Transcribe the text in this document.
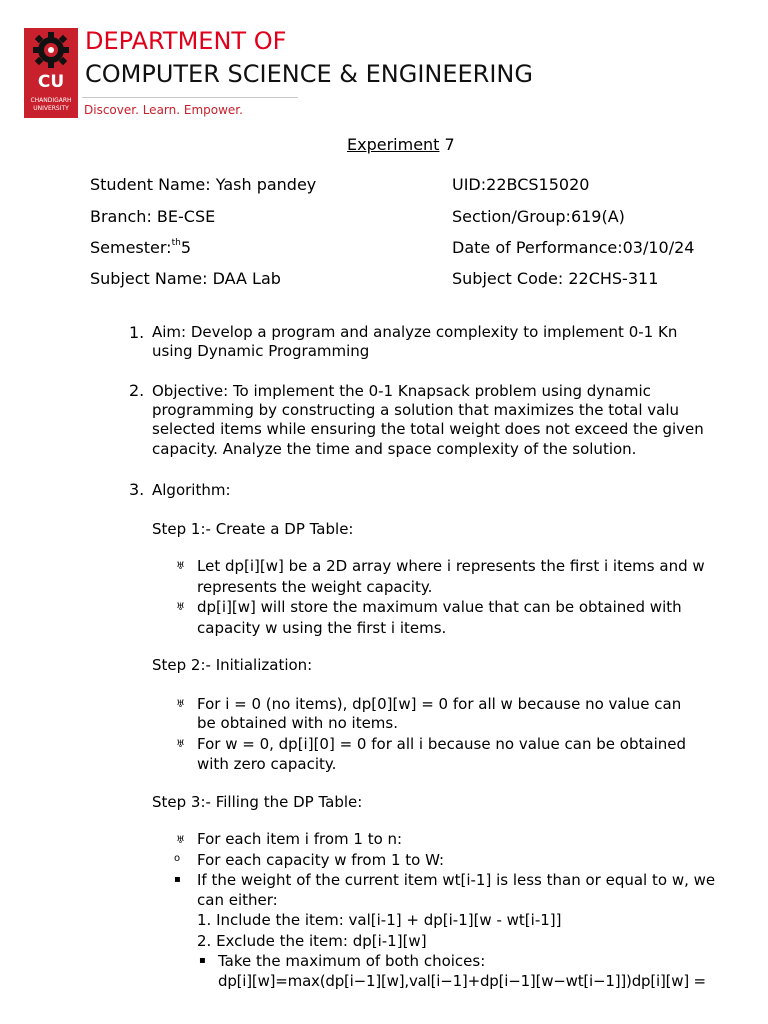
CU
CHANDIGARH
UNIVERSITY
DEPARTMENT OF
COMPUTER SCIENCE & ENGINEERING
Discover. Learn. Empower.
Experiment 7
Student Name: Yash pandey	UID:22BCS15020
Branch: BE-CSE	Section/Group:619(A)
Semester:$^{th}$5	Date of Performance:03/10/24
Subject Name: DAA Lab	Subject Code: 22CHS-311
1. Aim: Develop a program and analyze complexity to implement 0-1 Kn
using Dynamic Programming
2. Objective: To implement the 0-1 Knapsack problem using dynamic
programming by constructing a solution that maximizes the total valu
selected items while ensuring the total weight does not exceed the given
capacity. Analyze the time and space complexity of the solution.
3. Algorithm:
Step 1:- Create a DP Table:
♅ Let dp[i][w] be a 2D array where i represents the first i items and w
represents the weight capacity.
♅ dp[i][w] will store the maximum value that can be obtained with
capacity w using the first i items.
Step 2:- Initialization:
♅ For i = 0 (no items), dp[0][w] = 0 for all w because no value can
be obtained with no items.
♅ For w = 0, dp[i][0] = 0 for all i because no value can be obtained
with zero capacity.
Step 3:- Filling the DP Table:
♅ For each item i from 1 to n:
o For each capacity w from 1 to W:
▪ If the weight of the current item wt[i-1] is less than or equal to w, we
can either:
1. Include the item: val[i-1] + dp[i-1][w - wt[i-1]]
2. Exclude the item: dp[i-1][w]
▪ Take the maximum of both choices:
dp[i][w]=max(dp[i−1][w],val[i−1]+dp[i−1][w−wt[i−1]])dp[i][w] =
